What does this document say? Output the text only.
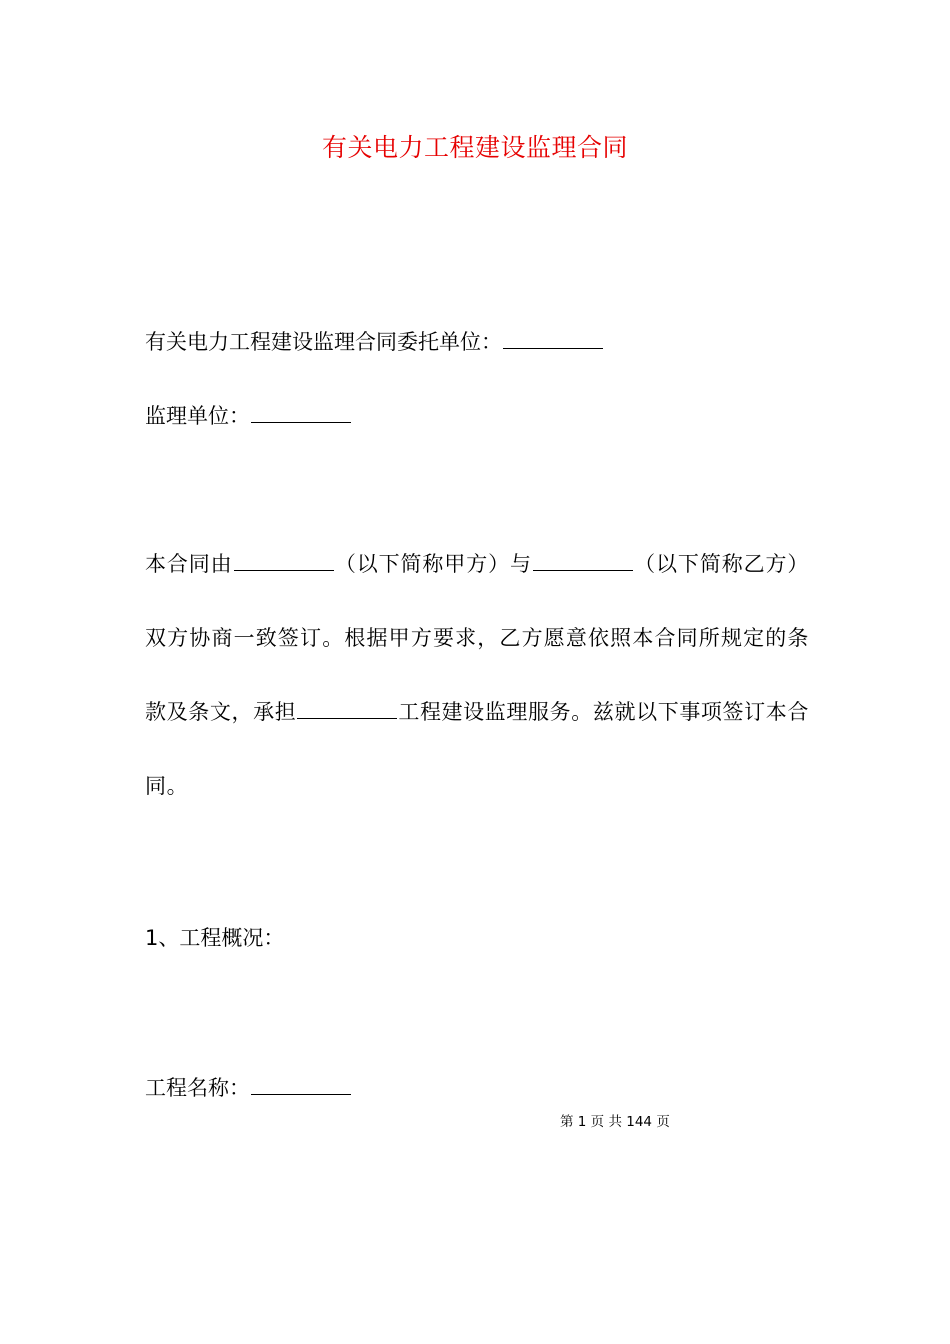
有关电力工程建设监理合同
有关电力工程建设监理合同委托单位：
监理单位：
本合同由	（以下简称甲方）与	（以下简称乙方）双方协商一致签订。根据甲方要求，乙方愿意依照本合同所规定的条款及条文，承担	工程建设监理服务。兹就以下事项签订本合同。
1、工程概况：
工程名称：
第 1 页 共 144 页
